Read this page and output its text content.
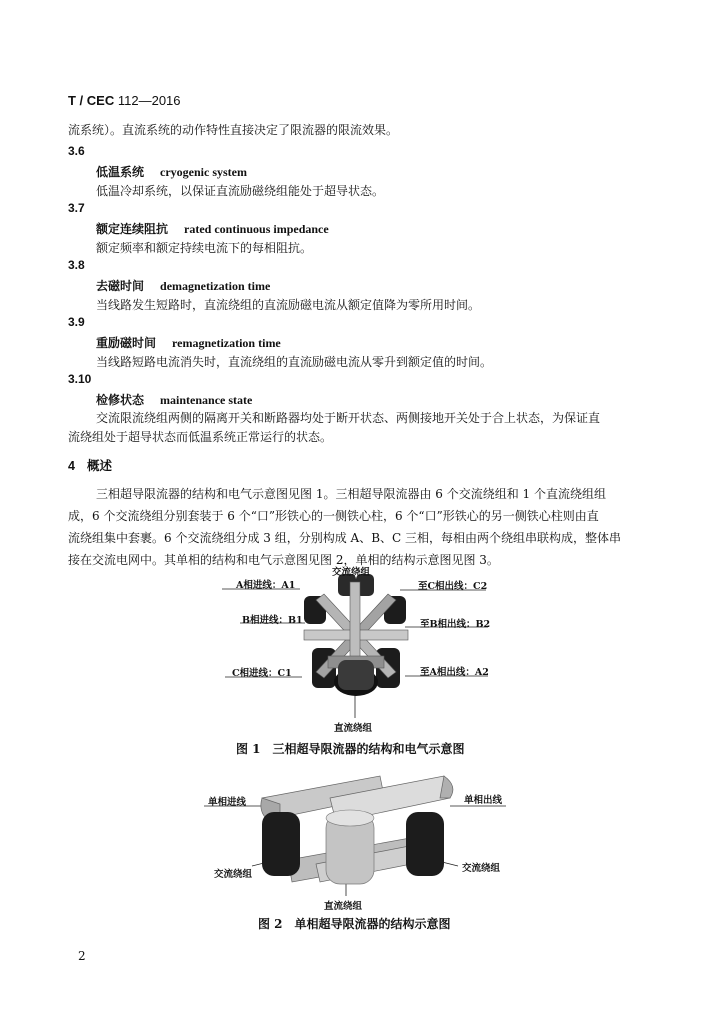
T / CEC 112—2016
流系统）。直流系统的动作特性直接决定了限流器的限流效果。
3.6
低温系统 cryogenic system
低温冷却系统，以保证直流励磁绕组能处于超导状态。
3.7
额定连续阻抗 rated continuous impedance
额定频率和额定持续电流下的每相阻抗。
3.8
去磁时间 demagnetization time
当线路发生短路时，直流绕组的直流励磁电流从额定值降为零所用时间。
3.9
重励磁时间 remagnetization time
当线路短路电流消失时，直流绕组的直流励磁电流从零升到额定值的时间。
3.10
检修状态 maintenance state
交流限流绕组两侧的隔离开关和断路器均处于断开状态、两侧接地开关处于合上状态，为保证直
流绕组处于超导状态而低温系统正常运行的状态。
4 概述

三相超导限流器的结构和电气示意图见图 1。三相超导限流器由 6 个交流绕组和 1 个直流绕组组

成，6 个交流绕组分别套装于 6 个“口”形铁心的一侧铁心柱，6 个“口”形铁心的另一侧铁心柱则由直

流绕组集中套裹。6 个交流绕组分成 3 组，分别构成 A、B、C 三相，每相由两个绕组串联构成，整体串

接在交流电网中。其单相的结构和电气示意图见图 2，单相的结构示意图见图 3。

交流绕组
A相进线：A1	至C相出线：C2
B相进线：B1	至B相出线：B2
C相进线：C1	至A相出线：A2
直流绕组
图 1　三相超导限流器的结构和电气示意图
单相进线	单相出线
交流绕组
交流绕组
直流绕组
图 2　单相超导限流器的结构示意图
2
